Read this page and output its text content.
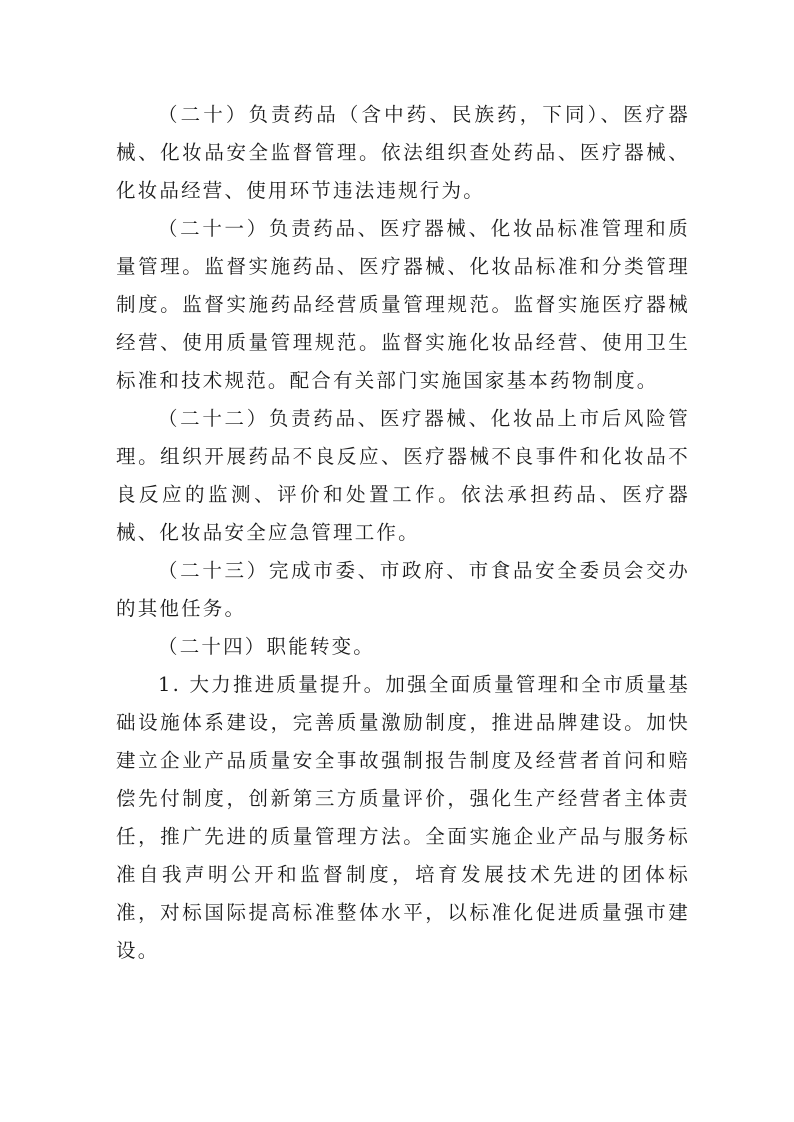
（二十）负责药品（含中药、民族药，下同）、医疗器械、化妆品安全监督管理。依法组织查处药品、医疗器械、化妆品经营、使用环节违法违规行为。

（二十一）负责药品、医疗器械、化妆品标准管理和质量管理。监督实施药品、医疗器械、化妆品标准和分类管理制度。监督实施药品经营质量管理规范。监督实施医疗器械经营、使用质量管理规范。监督实施化妆品经营、使用卫生标准和技术规范。配合有关部门实施国家基本药物制度。

（二十二）负责药品、医疗器械、化妆品上市后风险管理。组织开展药品不良反应、医疗器械不良事件和化妆品不良反应的监测、评价和处置工作。依法承担药品、医疗器械、化妆品安全应急管理工作。

（二十三）完成市委、市政府、市食品安全委员会交办的其他任务。

（二十四）职能转变。

1. 大力推进质量提升。加强全面质量管理和全市质量基础设施体系建设，完善质量激励制度，推进品牌建设。加快建立企业产品质量安全事故强制报告制度及经营者首问和赔偿先付制度，创新第三方质量评价，强化生产经营者主体责任，推广先进的质量管理方法。全面实施企业产品与服务标准自我声明公开和监督制度，培育发展技术先进的团体标准，对标国际提高标准整体水平，以标准化促进质量强市建设。
